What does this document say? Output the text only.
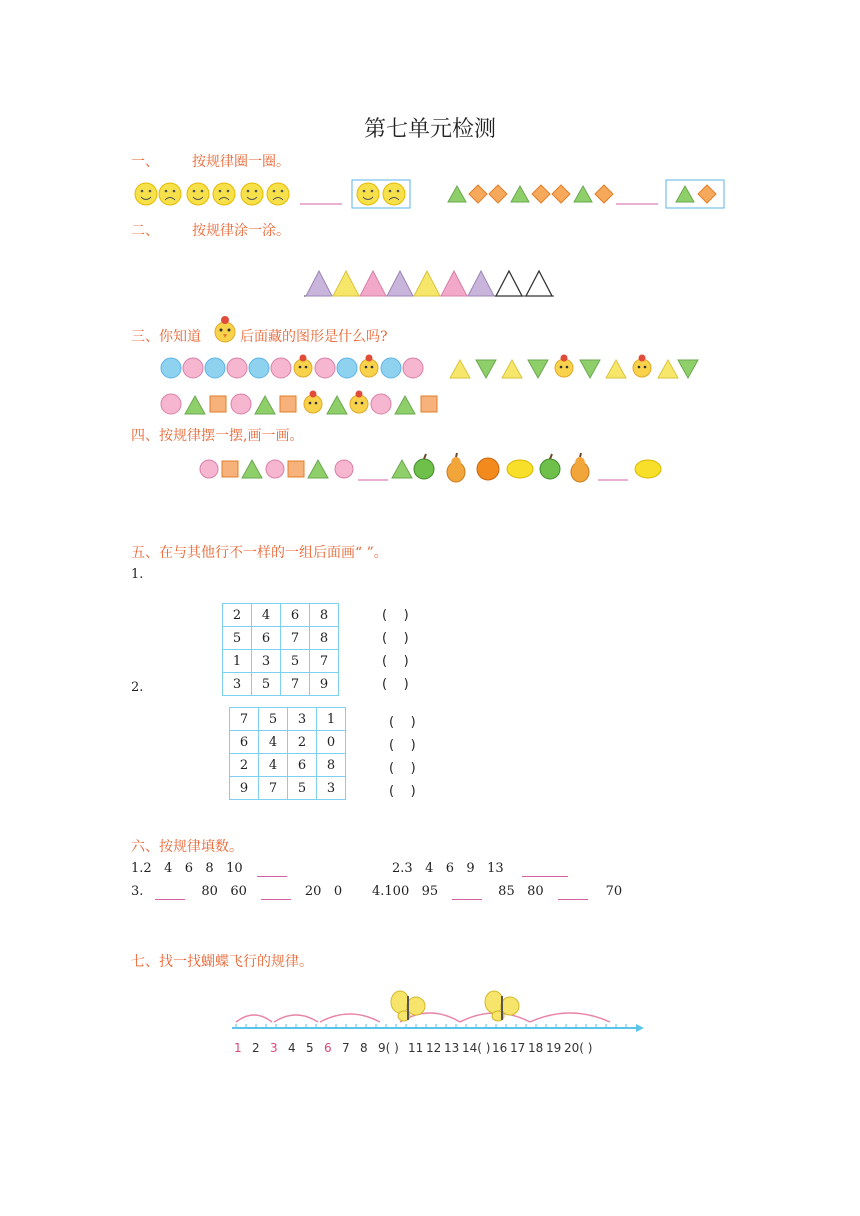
第七单元检测
一、 按规律圈一圈。
二、 按规律涂一涂。
三、你知道	后面藏的图形是什么吗?
四、按规律摆一摆,画一画。
五、在与其他行不一样的一组后面画“ ”。
1.
2.
2	4	6	8
5	6	7	8
1	3	5	7
3	5	7	9
(    )
(    )
(    )
(    )
7	5	3	1
6	4	2	0
2	4	6	8
9	7	5	3
(    )
(    )
(    )
(    )
六、按规律填数。
1.2   4   6   8   10	2.3   4   6   9   13
3.	80   60	20   0 4.100   95	85   80	70
七、找一找蝴蝶飞行的规律。
1 2 3 4 5 6 7 8 9( ) 11 12 13 14( ) 16 17 18 19 20( )
